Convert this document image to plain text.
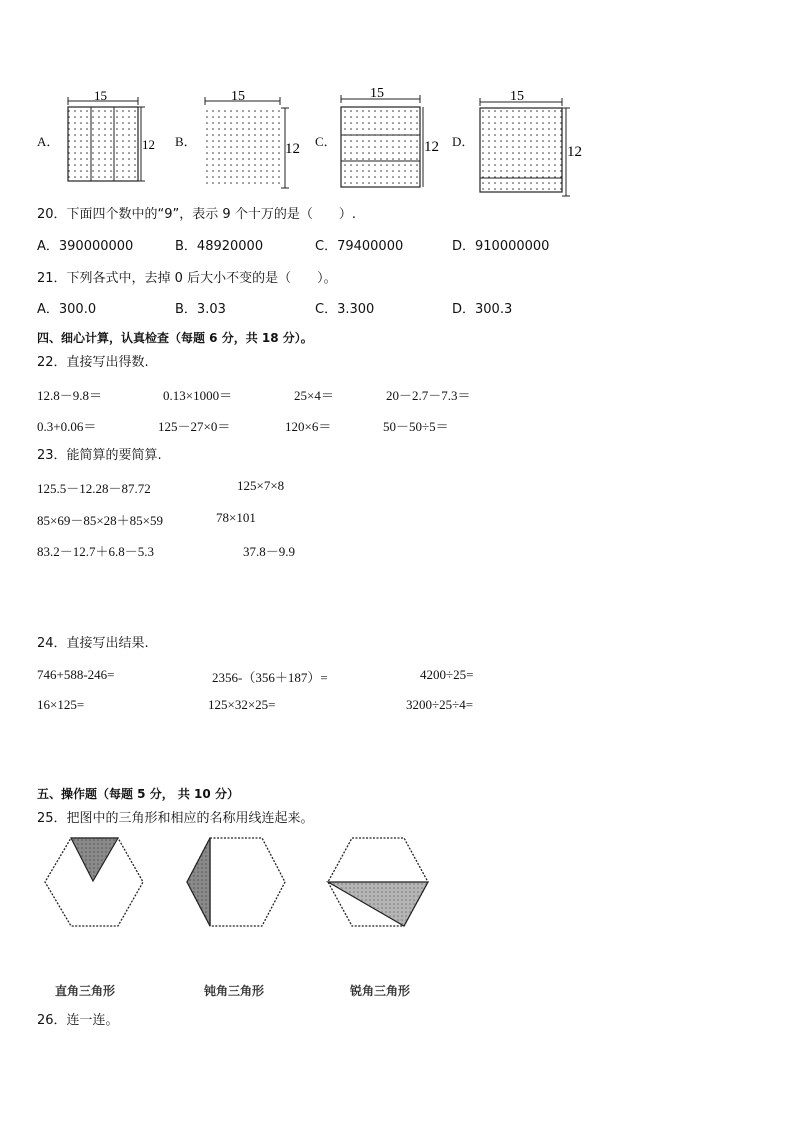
A．	B．	C．	D．
15
12
15
12
15
12
15
12
20．下面四个数中的“9”，表示 9 个十万的是（　　）.
A．390000000	B．48920000	C．79400000	D．910000000
21．下列各式中，去掉 0 后大小不变的是（　　）。
A．300.0	B．3.03	C．3.300	D．300.3
四、细心计算，认真检查（每题 6 分，共 18 分）。
22．直接写出得数.
12.8－9.8＝	0.13×1000＝	25×4＝	20－2.7－7.3＝
0.3+0.06＝	125－27×0＝	120×6＝	50－50÷5＝
23．能简算的要简算.
125.5－12.28－87.72	125×7×8
85×69－85×28＋85×59	78×101
83.2－12.7＋6.8－5.3	37.8－9.9
24．直接写出结果.
746+588-246=	2356-（356＋187）=	4200÷25=
16×125=	125×32×25=	3200÷25÷4=
五、操作题（每题 5 分， 共 10 分）
25．把图中的三角形和相应的名称用线连起来。
直角三角形	钝角三角形	锐角三角形
26．连一连。
